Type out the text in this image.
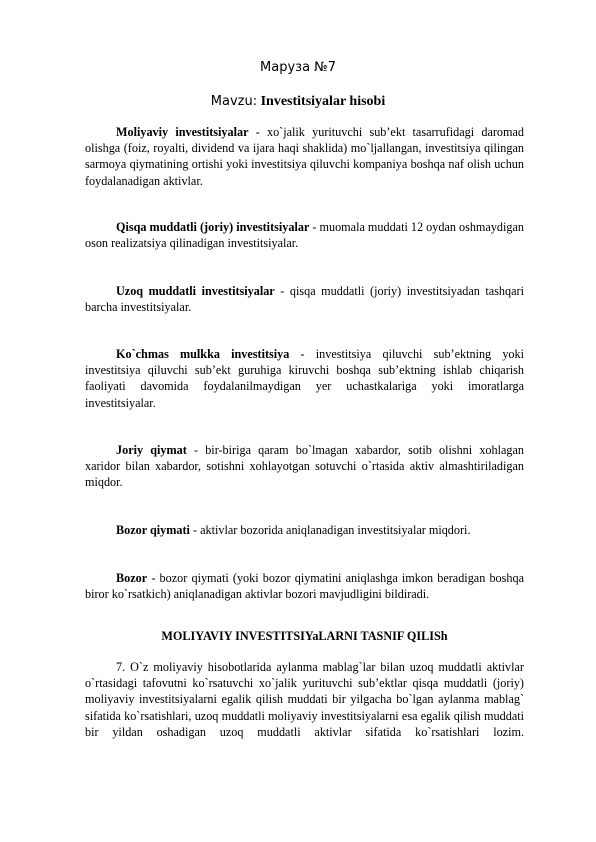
Маруза №7
Mavzu: Investitsiyalar hisobi

Moliyaviy investitsiyalar - xo`jalik yurituvchi sub’ekt tasarrufidagi daromad olishga (foiz, royalti, dividend va ijara haqi shaklida) mo`ljallangan, investitsiya qilingan sarmoya qiymatining ortishi yoki investitsiya qiluvchi kompaniya boshqa naf olish uchun foydalanadigan aktivlar.

Qisqa muddatli (joriy) investitsiyalar - muomala muddati 12 oydan oshmaydigan oson realizatsiya qilinadigan investitsiyalar.

Uzoq muddatli investitsiyalar - qisqa muddatli (joriy) investitsiyadan tashqari barcha investitsiyalar.

Ko`chmas mulkka investitsiya - investitsiya qiluvchi sub’ektning yoki investitsiya qiluvchi sub’ekt guruhiga kiruvchi boshqa sub’ektning ishlab chiqarish faoliyati davomida foydalanilmaydigan yer uchastkalariga yoki imoratlarga investitsiyalar.

Joriy qiymat - bir-biriga qaram bo`lmagan xabardor, sotib olishni xohlagan xaridor bilan xabardor, sotishni xohlayotgan sotuvchi o`rtasida aktiv almashtiriladigan miqdor.

Bozor qiymati - aktivlar bozorida aniqlanadigan investitsiyalar miqdori.

Bozor - bozor qiymati (yoki bozor qiymatini aniqlashga imkon beradigan boshqa biror ko`rsatkich) aniqlanadigan aktivlar bozori mavjudligini bildiradi.

MOLIYAVIY INVESTITSIYaLARNI TASNIF QILISh

7. O`z moliyaviy hisobotlarida aylanma mablag`lar bilan uzoq muddatli aktivlar o`rtasidagi tafovutni ko`rsatuvchi xo`jalik yurituvchi sub’ektlar qisqa muddatli (joriy) moliyaviy investitsiyalarni egalik qilish muddati bir yilgacha bo`lgan aylanma mablag` sifatida ko`rsatishlari, uzoq muddatli moliyaviy investitsiyalarni esa egalik qilish muddati bir yildan oshadigan uzoq muddatli aktivlar sifatida ko`rsatishlari lozim.
